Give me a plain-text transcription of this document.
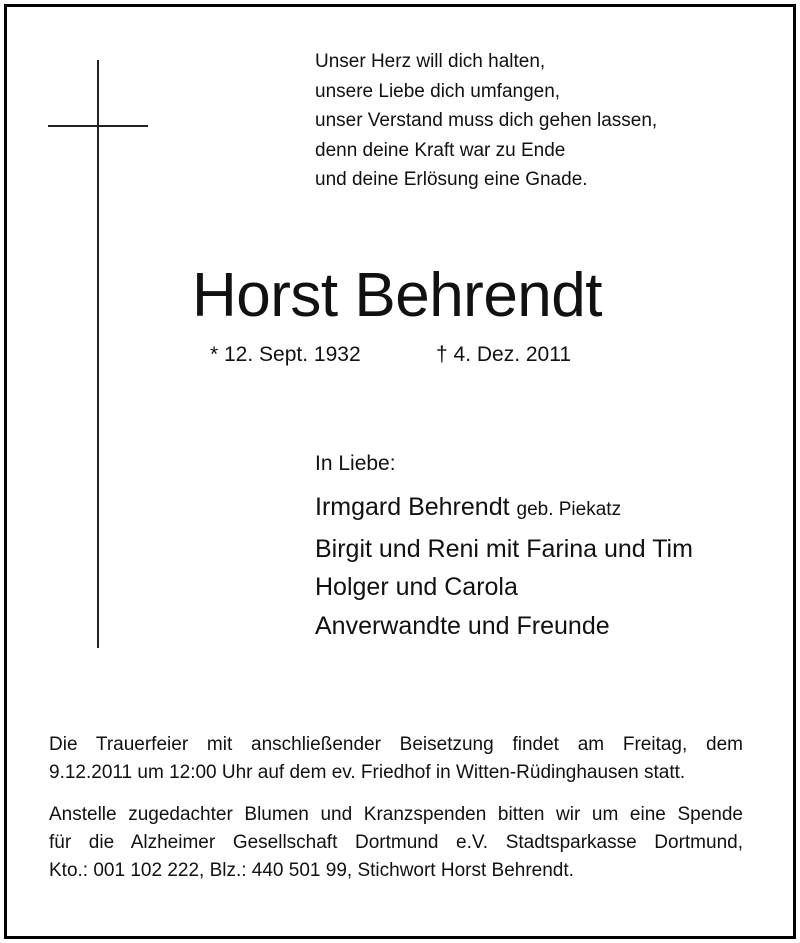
Unser Herz will dich halten,
unsere Liebe dich umfangen,
unser Verstand muss dich gehen lassen,
denn deine Kraft war zu Ende
und deine Erlösung eine Gnade.
Horst Behrendt
* 12. Sept. 1932	† 4. Dez. 2011
In Liebe:
Irmgard Behrendt geb. Piekatz
Birgit und Reni mit Farina und Tim
Holger und Carola
Anverwandte und Freunde
Die Trauerfeier mit anschließender Beisetzung findet am Freitag, dem
9.12.2011 um 12:00 Uhr auf dem ev. Friedhof in Witten-Rüdinghausen statt.
Anstelle zugedachter Blumen und Kranzspenden bitten wir um eine Spende
für die Alzheimer Gesellschaft Dortmund e.V. Stadtsparkasse Dortmund,
Kto.: 001 102 222, Blz.: 440 501 99, Stichwort Horst Behrendt.
